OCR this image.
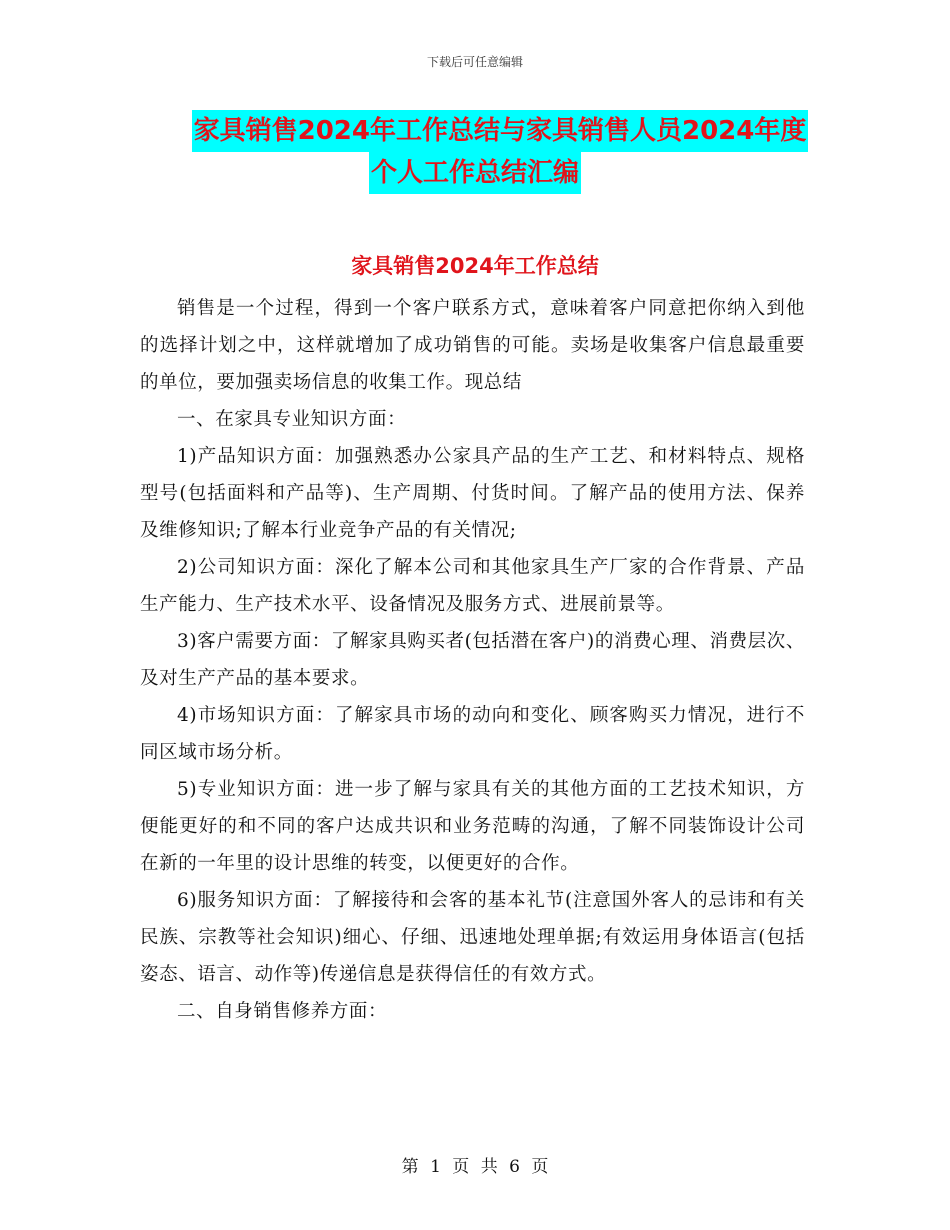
下载后可任意编辑
家具销售2024年工作总结与家具销售人员2024年度
个人工作总结汇编
家具销售2024年工作总结

销售是一个过程，得到一个客户联系方式，意味着客户同意把你纳入到他的选择计划之中，这样就增加了成功销售的可能。卖场是收集客户信息最重要的单位，要加强卖场信息的收集工作。现总结

一、在家具专业知识方面：

1)产品知识方面：加强熟悉办公家具产品的生产工艺、和材料特点、规格型号(包括面料和产品等)、生产周期、付货时间。了解产品的使用方法、保养及维修知识;了解本行业竞争产品的有关情况;

2)公司知识方面：深化了解本公司和其他家具生产厂家的合作背景、产品生产能力、生产技术水平、设备情况及服务方式、进展前景等。

3)客户需要方面：了解家具购买者(包括潜在客户)的消费心理、消费层次、及对生产产品的基本要求。

4)市场知识方面：了解家具市场的动向和变化、顾客购买力情况，进行不同区域市场分析。

5)专业知识方面：进一步了解与家具有关的其他方面的工艺技术知识，方便能更好的和不同的客户达成共识和业务范畴的沟通，了解不同装饰设计公司在新的一年里的设计思维的转变，以便更好的合作。

6)服务知识方面：了解接待和会客的基本礼节(注意国外客人的忌讳和有关民族、宗教等社会知识)细心、仔细、迅速地处理单据;有效运用身体语言(包括姿态、语言、动作等)传递信息是获得信任的有效方式。

二、自身销售修养方面：

第 1 页 共 6 页
